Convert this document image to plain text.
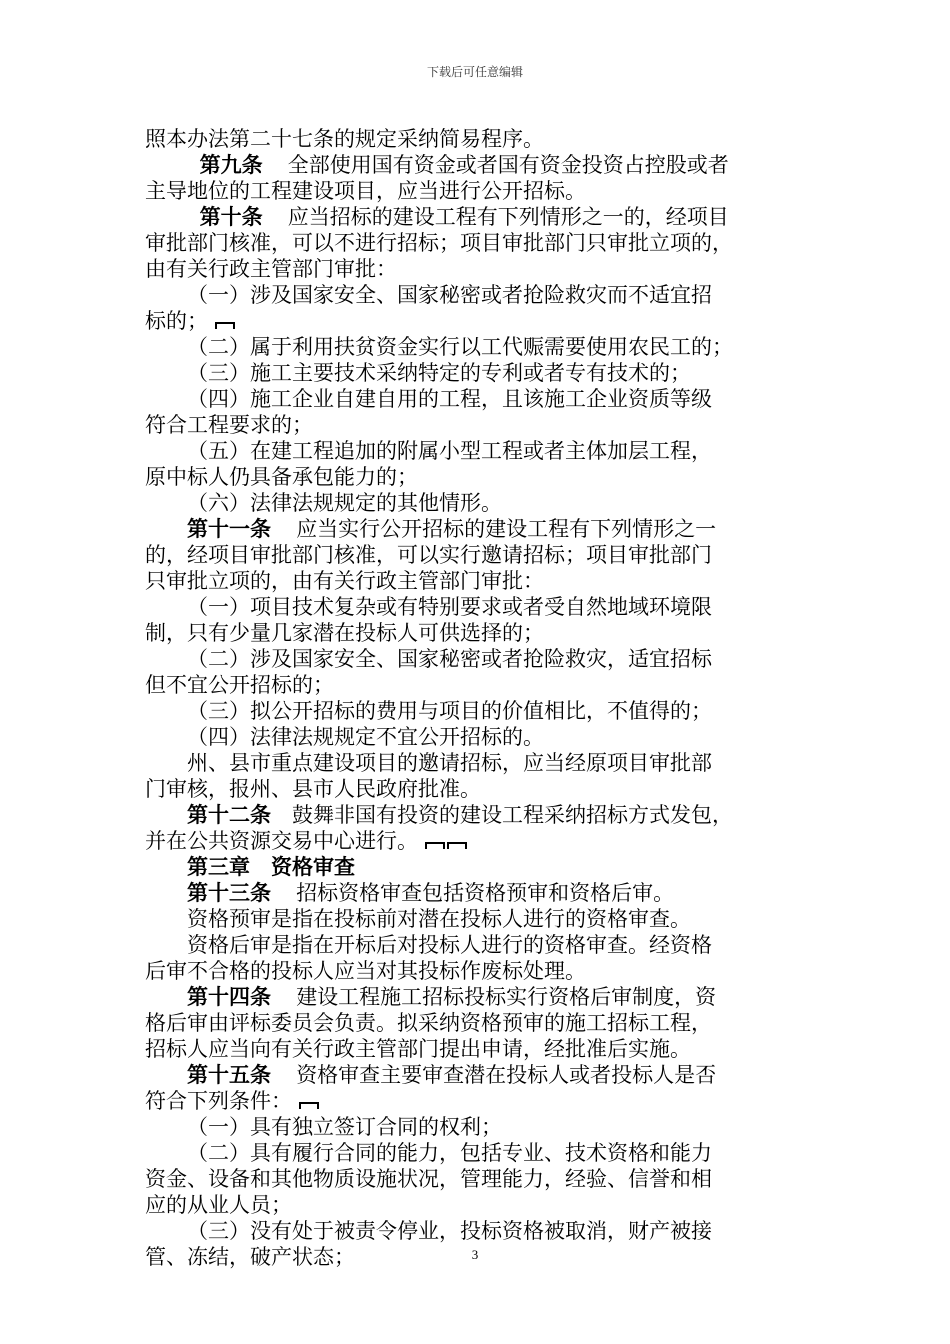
下载后可任意编辑

照本办法第二十七条的规定采纳简易程序。

第九条 全部使用国有资金或者国有资金投资占控股或者

主导地位的工程建设项目，应当进行公开招标。

第十条 应当招标的建设工程有下列情形之一的，经项目

审批部门核准，可以不进行招标；项目审批部门只审批立项的，

由有关行政主管部门审批：

（一）涉及国家安全、国家秘密或者抢险救灾而不适宜招

标的；

（二）属于利用扶贫资金实行以工代赈需要使用农民工的；

（三）施工主要技术采纳特定的专利或者专有技术的；

（四）施工企业自建自用的工程，且该施工企业资质等级

符合工程要求的；

（五）在建工程追加的附属小型工程或者主体加层工程，

原中标人仍具备承包能力的；

（六）法律法规规定的其他情形。

第十一条 应当实行公开招标的建设工程有下列情形之一

的，经项目审批部门核准，可以实行邀请招标；项目审批部门

只审批立项的，由有关行政主管部门审批：

（一）项目技术复杂或有特别要求或者受自然地域环境限

制，只有少量几家潜在投标人可供选择的；

（二）涉及国家安全、国家秘密或者抢险救灾，适宜招标

但不宜公开招标的；

（三）拟公开招标的费用与项目的价值相比，不值得的；

（四）法律法规规定不宜公开招标的。

州、县市重点建设项目的邀请招标，应当经原项目审批部

门审核，报州、县市人民政府批准。

第十二条 鼓舞非国有投资的建设工程采纳招标方式发包，

并在公共资源交易中心进行。

第三章　资格审查

第十三条 招标资格审查包括资格预审和资格后审。

资格预审是指在投标前对潜在投标人进行的资格审查。

资格后审是指在开标后对投标人进行的资格审查。经资格

后审不合格的投标人应当对其投标作废标处理。

第十四条 建设工程施工招标投标实行资格后审制度，资

格后审由评标委员会负责。拟采纳资格预审的施工招标工程，

招标人应当向有关行政主管部门提出申请，经批准后实施。

第十五条 资格审查主要审查潜在投标人或者投标人是否

符合下列条件：

（一）具有独立签订合同的权利；

（二）具有履行合同的能力，包括专业、技术资格和能力

资金、设备和其他物质设施状况，管理能力，经验、信誉和相

应的从业人员；

（三）没有处于被责令停业，投标资格被取消，财产被接

管、冻结，破产状态；	3
